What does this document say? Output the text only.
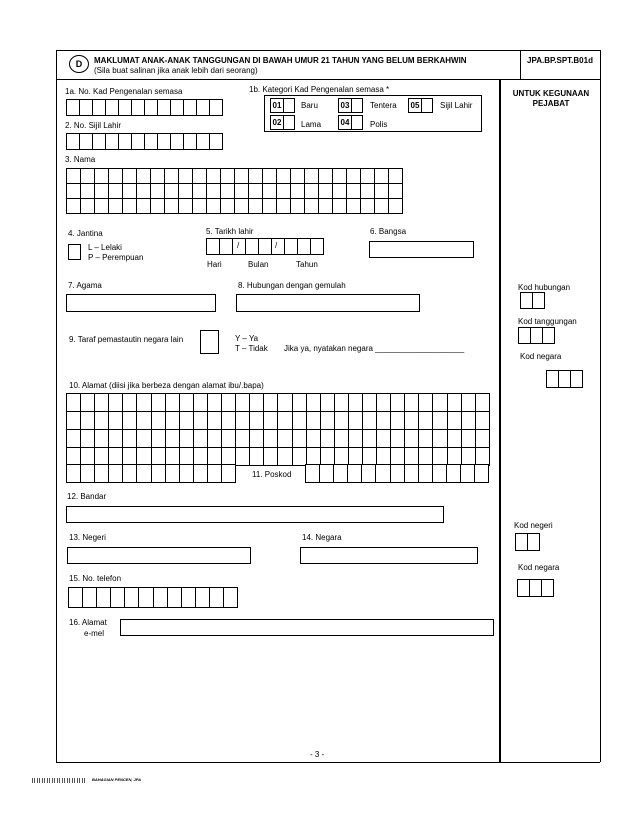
D	MAKLUMAT ANAK-ANAK TANGGUNGAN DI BAWAH UMUR 21 TAHUN YANG BELUM BERKAHWIN
(Sila buat salinan jika anak lebih dari seorang)
JPA.BP.SPT.B01d
UNTUK KEGUNAAN
PEJABAT
Kod hubungan
Kod tanggungan
Kod negara
Kod negeri
Kod negara
1a. No. Kad Pengenalan semasa	1b. Kategori Kad Pengenalan semasa *
01	Baru	03	Tentera	05	Sijil Lahir
02	Lama	04	Polis
2. No. Sijil Lahir
3. Nama
4. Jantina
L – Lelaki
P – Perempuan
5. Tarikh lahir
/	/
Hari	Bulan	Tahun
6. Bangsa
7. Agama	8. Hubungan dengan gemulah
9. Taraf pemastautin negara lain	Y – Ya
T – Tidak Jika ya, nyatakan negara ____________________
10. Alamat (diisi jika berbeza dengan alamat ibu/.bapa)
11. Poskod
12. Bandar
13. Negeri	14. Negara
15. No. telefon
16. Alamat
e-mel
- 3 -
BAHAGIAN PENCEN, JPA
